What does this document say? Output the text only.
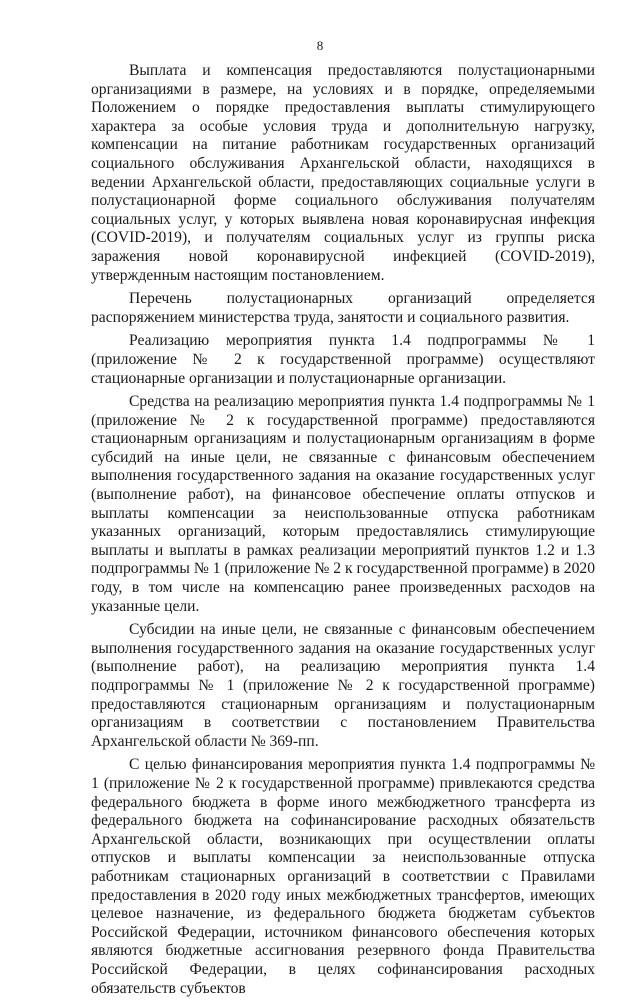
8

Выплата и компенсация предоставляются полустационарными организациями в размере, на условиях и в порядке, определяемыми Положением о порядке предоставления выплаты стимулирующего характера за особые условия труда и дополнительную нагрузку, компенсации на питание работникам государственных организаций социального обслуживания Архангельской области, находящихся в ведении Архангельской области, предоставляющих социальные услуги в полустационарной форме социального обслуживания получателям социальных услуг, у которых выявлена новая коронавирусная инфекция (COVID-2019), и получателям социальных услуг из группы риска заражения новой коронавирусной инфекцией (COVID-2019), утвержденным настоящим постановлением.

Перечень полустационарных организаций определяется распоряжением министерства труда, занятости и социального развития.

Реализацию мероприятия пункта 1.4 подпрограммы № 1 (приложение № 2 к государственной программе) осуществляют стационарные организации и полустационарные организации.

Средства на реализацию мероприятия пункта 1.4 подпрограммы № 1 (приложение № 2 к государственной программе) предоставляются стационарным организациям и полустационарным организациям в форме субсидий на иные цели, не связанные с финансовым обеспечением выполнения государственного задания на оказание государственных услуг (выполнение работ), на финансовое обеспечение оплаты отпусков и выплаты компенсации за неиспользованные отпуска работникам указанных организаций, которым предоставлялись стимулирующие выплаты и выплаты в рамках реализации мероприятий пунктов 1.2 и 1.3 подпрограммы № 1 (приложение № 2 к государственной программе) в 2020 году, в том числе на компенсацию ранее произведенных расходов на указанные цели.

Субсидии на иные цели, не связанные с финансовым обеспечением выполнения государственного задания на оказание государственных услуг (выполнение работ), на реализацию мероприятия пункта 1.4 подпрограммы № 1 (приложение № 2 к государственной программе) предоставляются стационарным организациям и полустационарным организациям в соответствии с постановлением Правительства Архангельской области № 369-пп.

С целью финансирования мероприятия пункта 1.4 подпрограммы № 1 (приложение № 2 к государственной программе) привлекаются средства федерального бюджета в форме иного межбюджетного трансферта из федерального бюджета на софинансирование расходных обязательств Архангельской области, возникающих при осуществлении оплаты отпусков и выплаты компенсации за неиспользованные отпуска работникам стационарных организаций в соответствии с Правилами предоставления в 2020 году иных межбюджетных трансфертов, имеющих целевое назначение, из федерального бюджета бюджетам субъектов Российской Федерации, источником финансового обеспечения которых являются бюджетные ассигнования резервного фонда Правительства Российской Федерации, в целях софинансирования расходных обязательств субъектов
